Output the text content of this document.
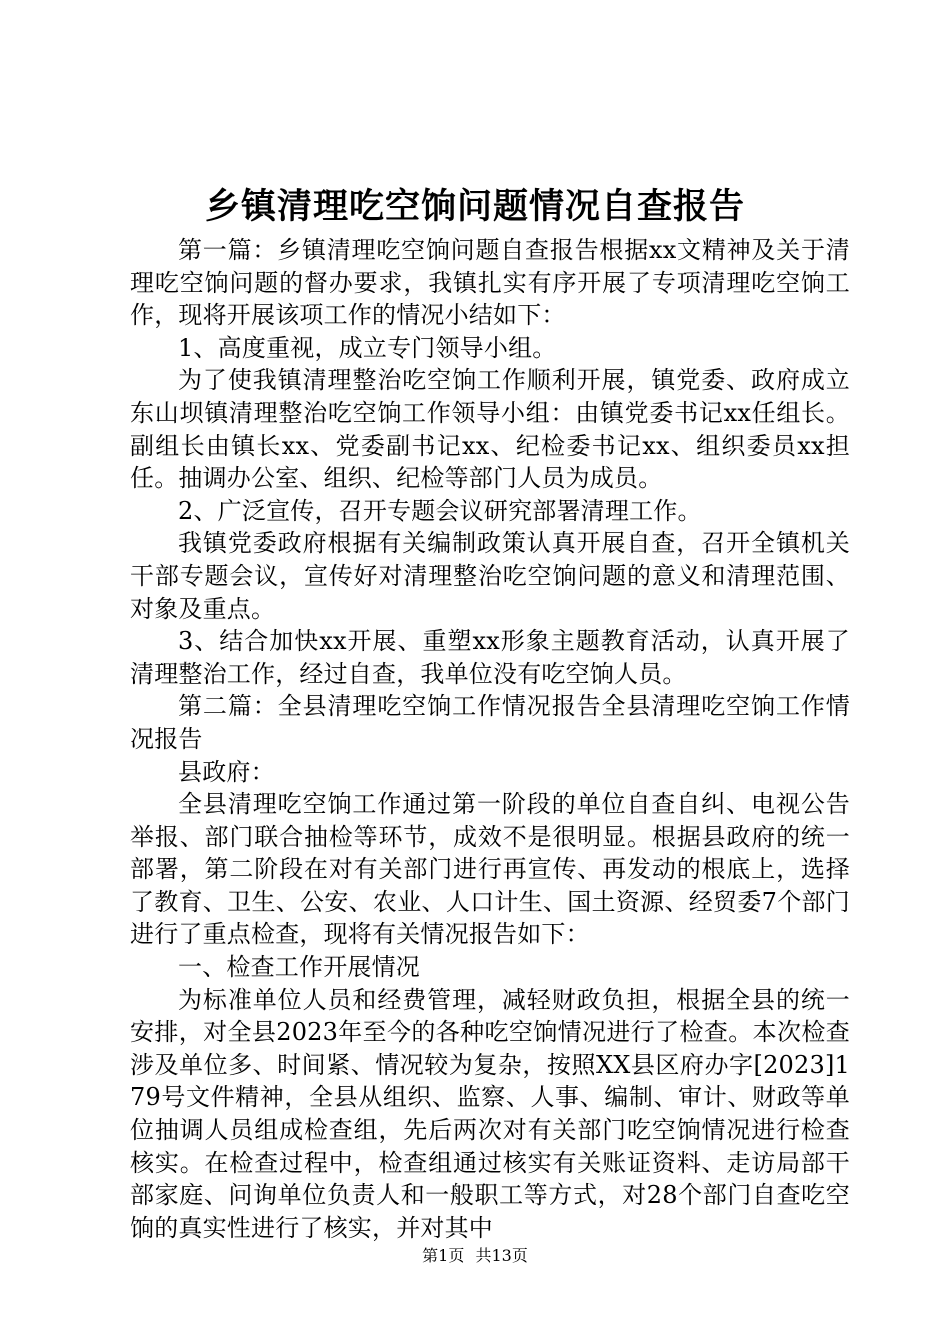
乡镇清理吃空饷问题情况自查报告

第一篇：乡镇清理吃空饷问题自查报告根据xx文精神及关于清理吃空饷问题的督办要求，我镇扎实有序开展了专项清理吃空饷工作，现将开展该项工作的情况小结如下：

1、高度重视，成立专门领导小组。

为了使我镇清理整治吃空饷工作顺利开展，镇党委、政府成立东山坝镇清理整治吃空饷工作领导小组：由镇党委书记xx任组长。副组长由镇长xx、党委副书记xx、纪检委书记xx、组织委员xx担任。抽调办公室、组织、纪检等部门人员为成员。

2、广泛宣传，召开专题会议研究部署清理工作。

我镇党委政府根据有关编制政策认真开展自查，召开全镇机关干部专题会议，宣传好对清理整治吃空饷问题的意义和清理范围、对象及重点。

3、结合加快xx开展、重塑xx形象主题教育活动，认真开展了清理整治工作，经过自查，我单位没有吃空饷人员。

第二篇：全县清理吃空饷工作情况报告全县清理吃空饷工作情况报告

县政府：

全县清理吃空饷工作通过第一阶段的单位自查自纠、电视公告举报、部门联合抽检等环节，成效不是很明显。根据县政府的统一部署，第二阶段在对有关部门进行再宣传、再发动的根底上，选择了教育、卫生、公安、农业、人口计生、国土资源、经贸委7个部门进行了重点检查，现将有关情况报告如下：

一、检查工作开展情况

为标准单位人员和经费管理，减轻财政负担，根据全县的统一安排，对全县2023年至今的各种吃空饷情况进行了检查。本次检查涉及单位多、时间紧、情况较为复杂，按照XX县区府办字[2023]179号文件精神，全县从组织、监察、人事、编制、审计、财政等单位抽调人员组成检查组，先后两次对有关部门吃空饷情况进行检查核实。在检查过程中，检查组通过核实有关账证资料、走访局部干部家庭、问询单位负责人和一般职工等方式，对28个部门自查吃空饷的真实性进行了核实，并对其中

第1页 共13页
